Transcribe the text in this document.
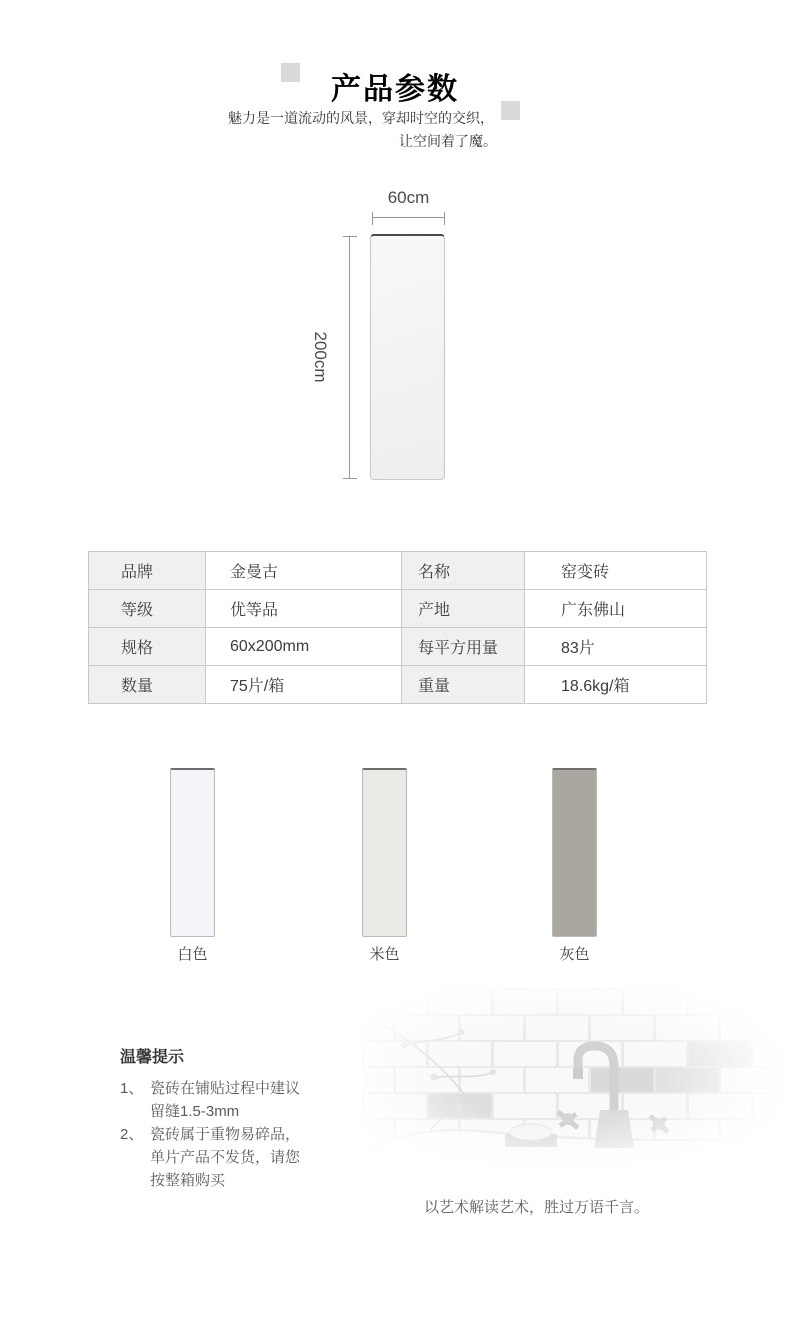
产品参数

魅力是一道流动的风景，穿却时空的交织，

让空间着了魔。

60cm
200cm
品牌	金曼古	名称	窑变砖
等级	优等品	产地	广东佛山
规格	60x200mm	每平方用量	83片
数量	75片/箱	重量	18.6kg/箱
白色	米色	灰色
温馨提示
1、 瓷砖在铺贴过程中建议留缝1.5-3mm
2、 瓷砖属于重物易碎品，单片产品不发货，请您按整箱购买

以艺术解读艺术，胜过万语千言。
